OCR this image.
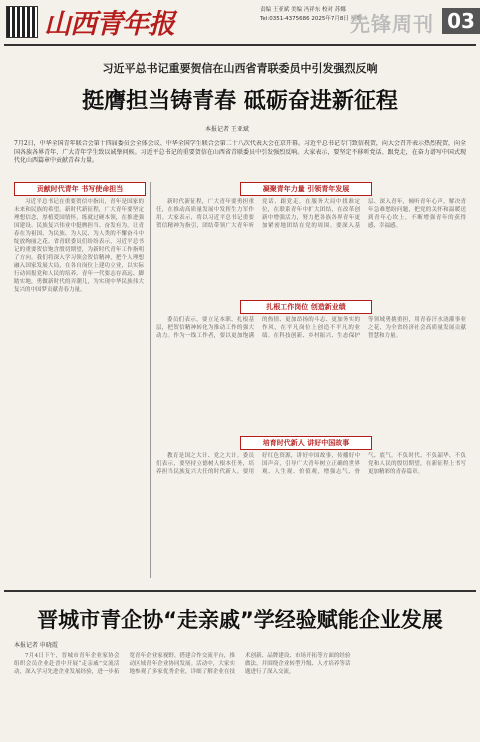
山西青年报	责编 王亚斌 美编 冯祥东 校对 苏娜
Tel:0351-4375686 2025年7月8日 星期二
先锋周刊 03
习近平总书记重要贺信在山西省青联委员中引发强烈反响
挺膺担当铸青春 砥砺奋进新征程
本报记者 王亚斌
7月2日，中华全国青年联合会第十四届委员会全体会议、中华全国学生联合会第二十八次代表大会在京开幕。习近平总书记专门致信祝贺，向大会召开表示热烈祝贺，向全国各族各界青年、广大青年学生致以诚挚问候。习近平总书记的重要贺信在山西省青联委员中引发强烈反响。大家表示，要坚定不移听党话、跟党走，在奋力谱写中国式现代化山西篇章中贡献青春力量。
贡献时代青年 书写使命担当

习近平总书记在重要贺信中指出，青年是国家的未来和民族的希望。新时代新征程，广大青年要坚定理想信念，厚植爱国情怀，练就过硬本领，在推进强国建设、民族复兴伟业中挺膺担当、奋发有为，让青春在为祖国、为民族、为人民、为人类的不懈奋斗中绽放绚丽之花。省青联委员们纷纷表示，习近平总书记的重要贺信饱含殷切期望，为新时代青年工作指明了方向。我们将深入学习领会贺信精神，把个人理想融入国家发展大局，在各自岗位上建功立业，以实际行动回报党和人民的培养。青年一代要志存高远、脚踏实地，勇做新时代的弄潮儿，为实现中华民族伟大复兴的中国梦贡献青春力量。

凝聚青年力量 引领青年发展

新时代新征程，广大青年要勇担重任，在推动高质量发展中发挥生力军作用。大家表示，将以习近平总书记重要贺信精神为指引，团结带领广大青年听党话、跟党走，在服务大局中找准定位，在联系青年中扩大团结，在改革创新中增强活力，努力把各族各界青年更加紧密地团结在党的周围。要深入基层、深入青年，倾听青年心声，解决青年急难愁盼问题，把党的关怀和温暖送到青年心坎上，不断增强青年的获得感、幸福感。

扎根工作岗位 创造新业绩

委员们表示，要立足本职、扎根基层，把贺信精神转化为推动工作的强大动力。作为一线工作者，要以更加饱满的热情、更加昂扬的斗志、更加务实的作风，在平凡岗位上创造不平凡的业绩。在科技创新、乡村振兴、生态保护等领域勇挑重担，用青春汗水浇灌事业之花，为全省经济社会高质量发展贡献智慧和力量。

培育时代新人 讲好中国故事

教育是国之大计、党之大计。委员们表示，要坚持立德树人根本任务，培养担当民族复兴大任的时代新人。要用好红色资源，讲好中国故事，传播好中国声音，引导广大青年树立正确的世界观、人生观、价值观，增强志气、骨气、底气，不负时代、不负韶华、不负党和人民的殷切期望，在新征程上书写更加精彩的青春篇章。

晋城市青企协“走亲戚”学经验赋能企业发展
本报记者 申晓霞

7月4日下午，晋城市青年企业家协会组织会员企业赴晋中开展“走亲戚”交流活动，深入学习先进企业发展经验，进一步拓宽青年企业家视野，搭建合作交流平台，推动区域青年企业协同发展。活动中，大家实地参观了多家优秀企业，详细了解企业在技术创新、品牌建设、市场开拓等方面的经验做法，并围绕企业转型升级、人才培养等话题进行了深入交流。
